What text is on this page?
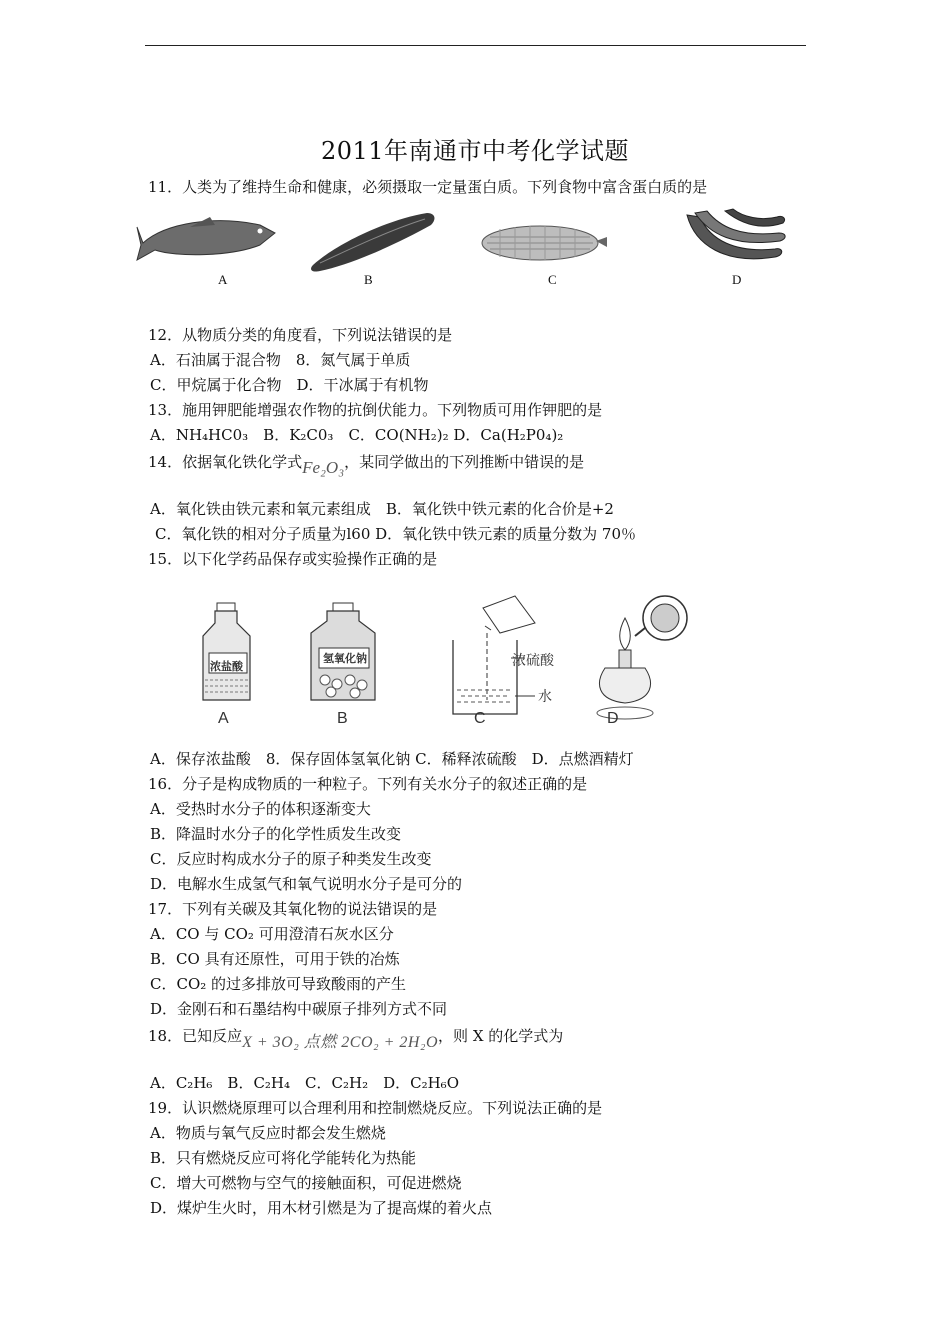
2011年南通市中考化学试题
11．人类为了维持生命和健康，必须摄取一定量蛋白质。下列食物中富含蛋白质的是
A	B	C	D
12．从物质分类的角度看，下列说法错误的是
A．石油属于混合物　8．氮气属于单质
C．甲烷属于化合物　D．干冰属于有机物
13．施用钾肥能增强农作物的抗倒伏能力。下列物质可用作钾肥的是
A．NH₄HC0₃　B．K₂C0₃　C．CO(NH₂)₂ D．Ca(H₂P0₄)₂
14．依据氧化铁化学式Fe₂O₃，某同学做出的下列推断中错误的是
A．氧化铁由铁元素和氧元素组成　B．氧化铁中铁元素的化合价是+2
C．氧化铁的相对分子质量为l60 D．氧化铁中铁元素的质量分数为 70％
15．以下化学药品保存或实验操作正确的是
浓盐酸
氢氧化钠	浓硫酸
水
A	B	C	D
A．保存浓盐酸　8．保存固体氢氧化钠 C．稀释浓硫酸　D．点燃酒精灯
16．分子是构成物质的一种粒子。下列有关水分子的叙述正确的是
A．受热时水分子的体积逐渐变大
B．降温时水分子的化学性质发生改变
C．反应时构成水分子的原子种类发生改变
D．电解水生成氢气和氧气说明水分子是可分的
17．下列有关碳及其氧化物的说法错误的是
A．CO 与 CO₂ 可用澄清石灰水区分
B．CO 具有还原性，可用于铁的冶炼
C．CO₂ 的过多排放可导致酸雨的产生
D．金刚石和石墨结构中碳原子排列方式不同
18．已知反应X + 3O₂ 点燃 2CO₂ + 2H₂O，则 X 的化学式为
A．C₂H₆　B．C₂H₄　C．C₂H₂　D．C₂H₆O
19．认识燃烧原理可以合理利用和控制燃烧反应。下列说法正确的是
A．物质与氧气反应时都会发生燃烧
B．只有燃烧反应可将化学能转化为热能
C．增大可燃物与空气的接触面积，可促进燃烧
D．煤炉生火时，用木材引燃是为了提高煤的着火点
